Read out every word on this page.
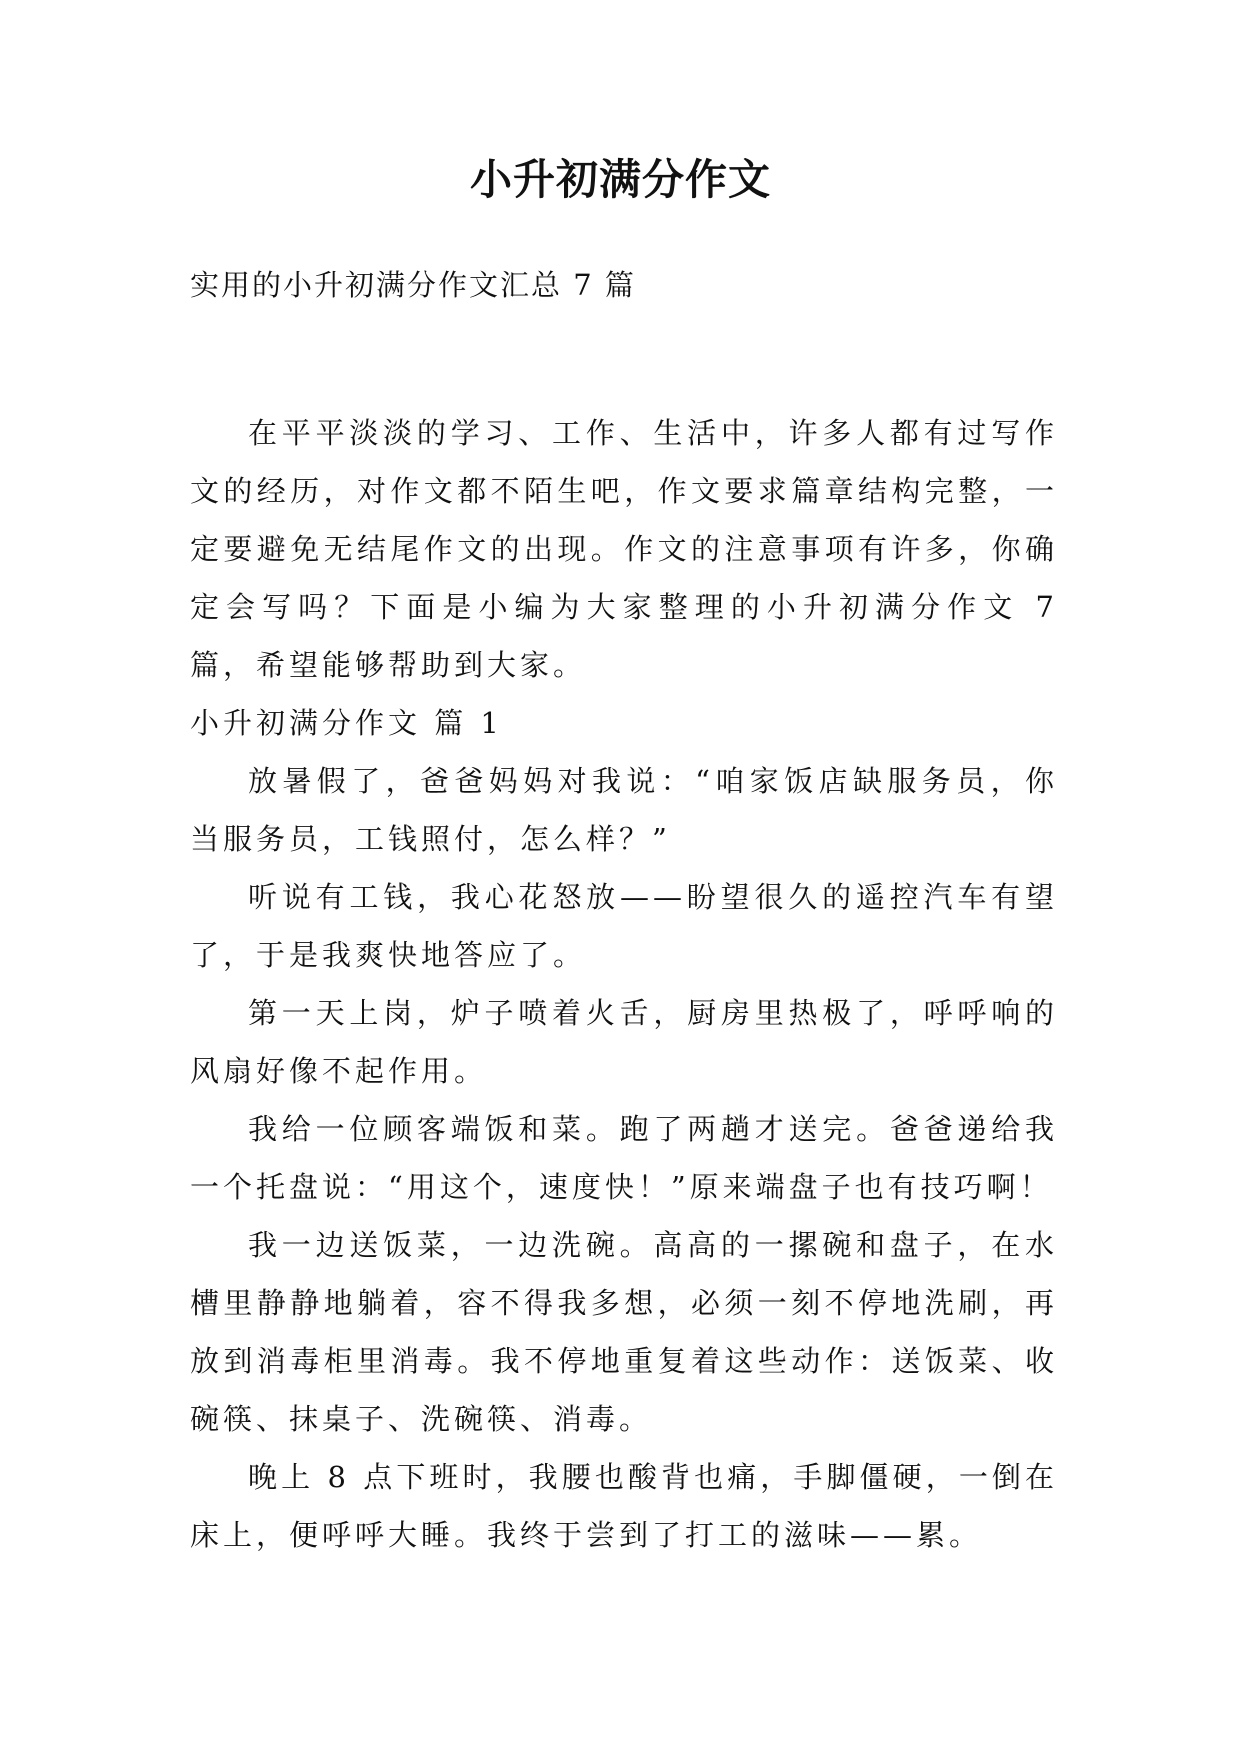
小升初满分作文
实用的小升初满分作文汇总 7 篇

在平平淡淡的学习、工作、生活中，许多人都有过写作文的经历，对作文都不陌生吧，作文要求篇章结构完整，一定要避免无结尾作文的出现。作文的注意事项有许多，你确定会写吗？下面是小编为大家整理的小升初满分作文 7 篇，希望能够帮助到大家。

小升初满分作文 篇 1

放暑假了，爸爸妈妈对我说：“咱家饭店缺服务员，你当服务员，工钱照付，怎么样？”

听说有工钱，我心花怒放——盼望很久的遥控汽车有望了，于是我爽快地答应了。

第一天上岗，炉子喷着火舌，厨房里热极了，呼呼响的风扇好像不起作用。

我给一位顾客端饭和菜。跑了两趟才送完。爸爸递给我一个托盘说：“用这个，速度快！”原来端盘子也有技巧啊！

我一边送饭菜，一边洗碗。高高的一摞碗和盘子，在水槽里静静地躺着，容不得我多想，必须一刻不停地洗刷，再放到消毒柜里消毒。我不停地重复着这些动作：送饭菜、收碗筷、抹桌子、洗碗筷、消毒。

晚上 8 点下班时，我腰也酸背也痛，手脚僵硬，一倒在床上，便呼呼大睡。我终于尝到了打工的滋味——累。
